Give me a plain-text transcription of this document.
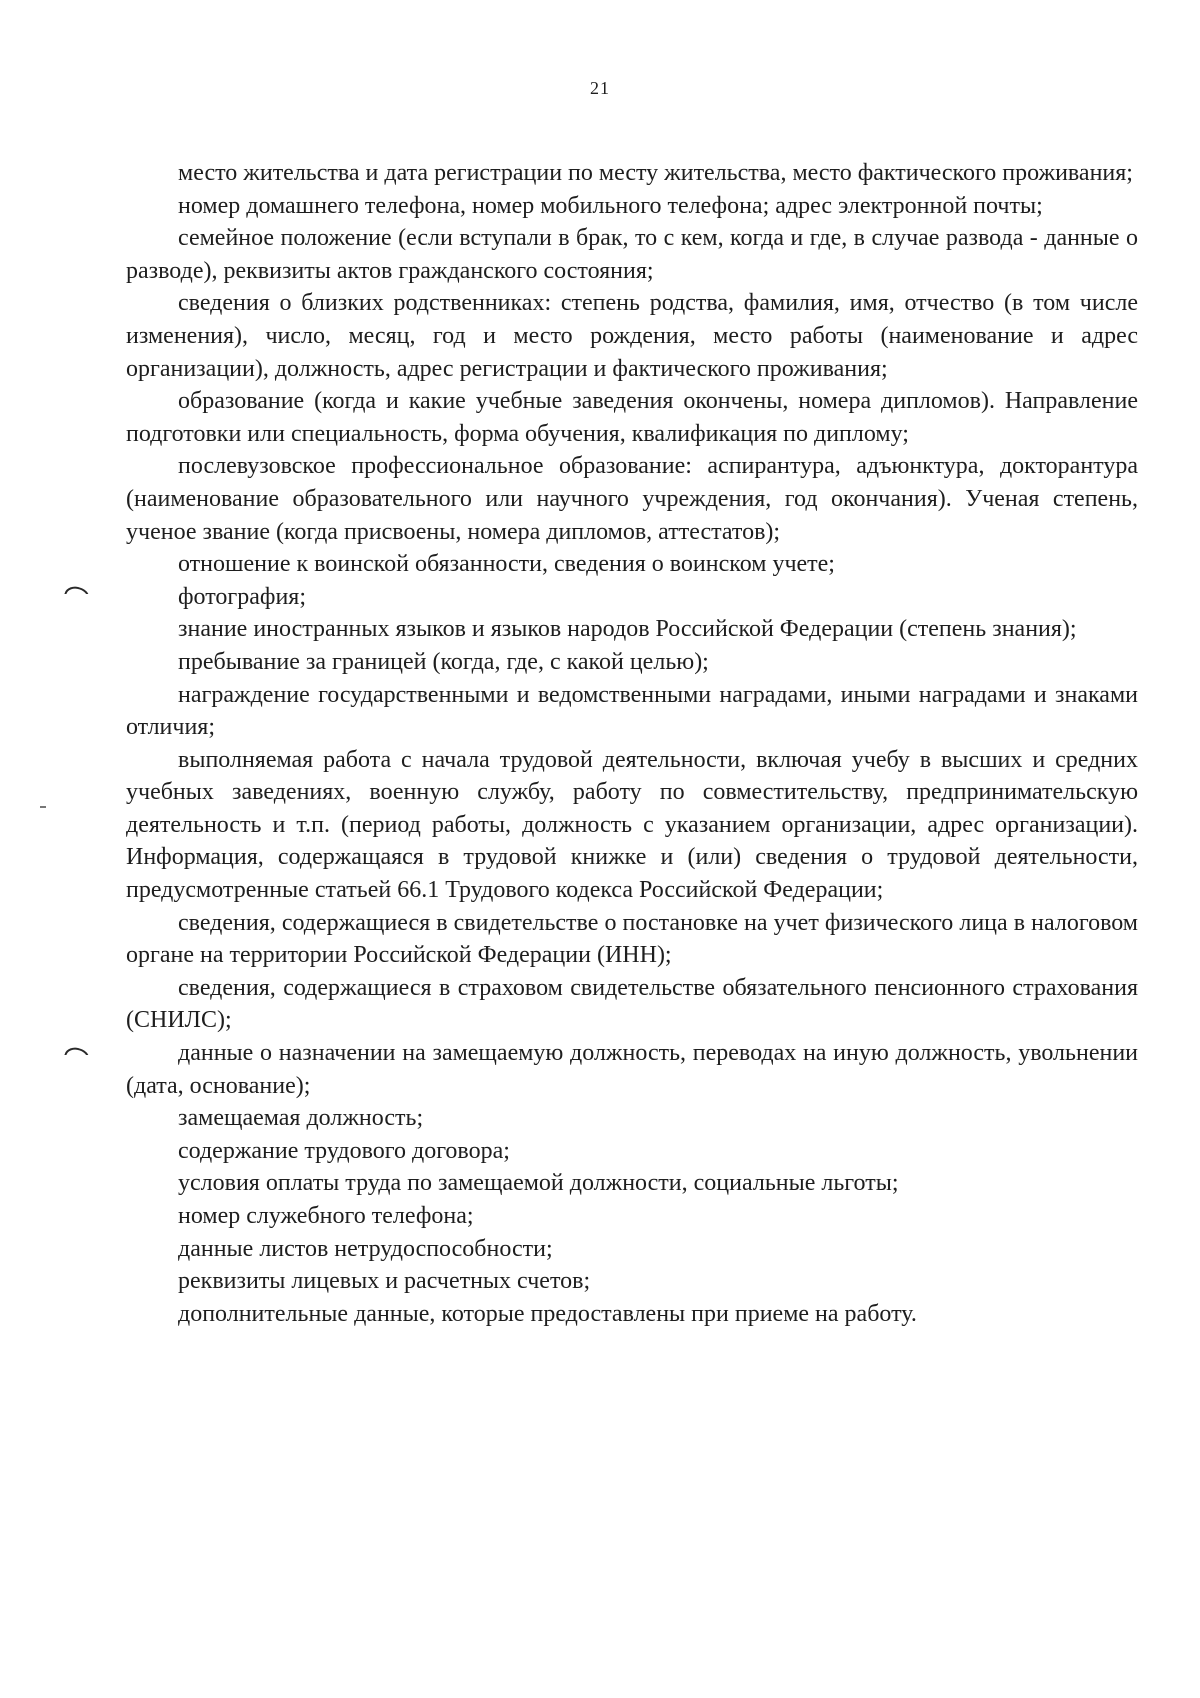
21

место жительства и дата регистрации по месту жительства, место фактического проживания;

номер домашнего телефона, номер мобильного телефона; адрес электронной почты;

семейное положение (если вступали в брак, то с кем, когда и где, в случае развода - данные о разводе), реквизиты актов гражданского состояния;

сведения о близких родственниках: степень родства, фамилия, имя, отчество (в том числе изменения), число, месяц, год и место рождения, место работы (наименование и адрес организации), должность, адрес регистрации и фактического проживания;

образование (когда и какие учебные заведения окончены, номера дипломов). Направление подготовки или специальность, форма обучения, квалификация по диплому;

послевузовское профессиональное образование: аспирантура, адъюнктура, докторантура (наименование образовательного или научного учреждения, год окончания). Ученая степень, ученое звание (когда присвоены, номера дипломов, аттестатов);

отношение к воинской обязанности, сведения о воинском учете;

фотография;

знание иностранных языков и языков народов Российской Федерации (степень знания);

пребывание за границей (когда, где, с какой целью);

награждение государственными и ведомственными наградами, иными наградами и знаками отличия;

выполняемая работа с начала трудовой деятельности, включая учебу в высших и средних учебных заведениях, военную службу, работу по совместительству, предпринимательскую деятельность и т.п. (период работы, должность с указанием организации, адрес организации). Информация, содержащаяся в трудовой книжке и (или) сведения о трудовой деятельности, предусмотренные статьей 66.1 Трудового кодекса Российской Федерации;

сведения, содержащиеся в свидетельстве о постановке на учет физического лица в налоговом органе на территории Российской Федерации (ИНН);

сведения, содержащиеся в страховом свидетельстве обязательного пенсионного страхования (СНИЛС);

данные о назначении на замещаемую должность, переводах на иную должность, увольнении (дата, основание);

замещаемая должность;

содержание трудового договора;

условия оплаты труда по замещаемой должности, социальные льготы;

номер служебного телефона;

данные листов нетрудоспособности;

реквизиты лицевых и расчетных счетов;

дополнительные данные, которые предоставлены при приеме на работу.
